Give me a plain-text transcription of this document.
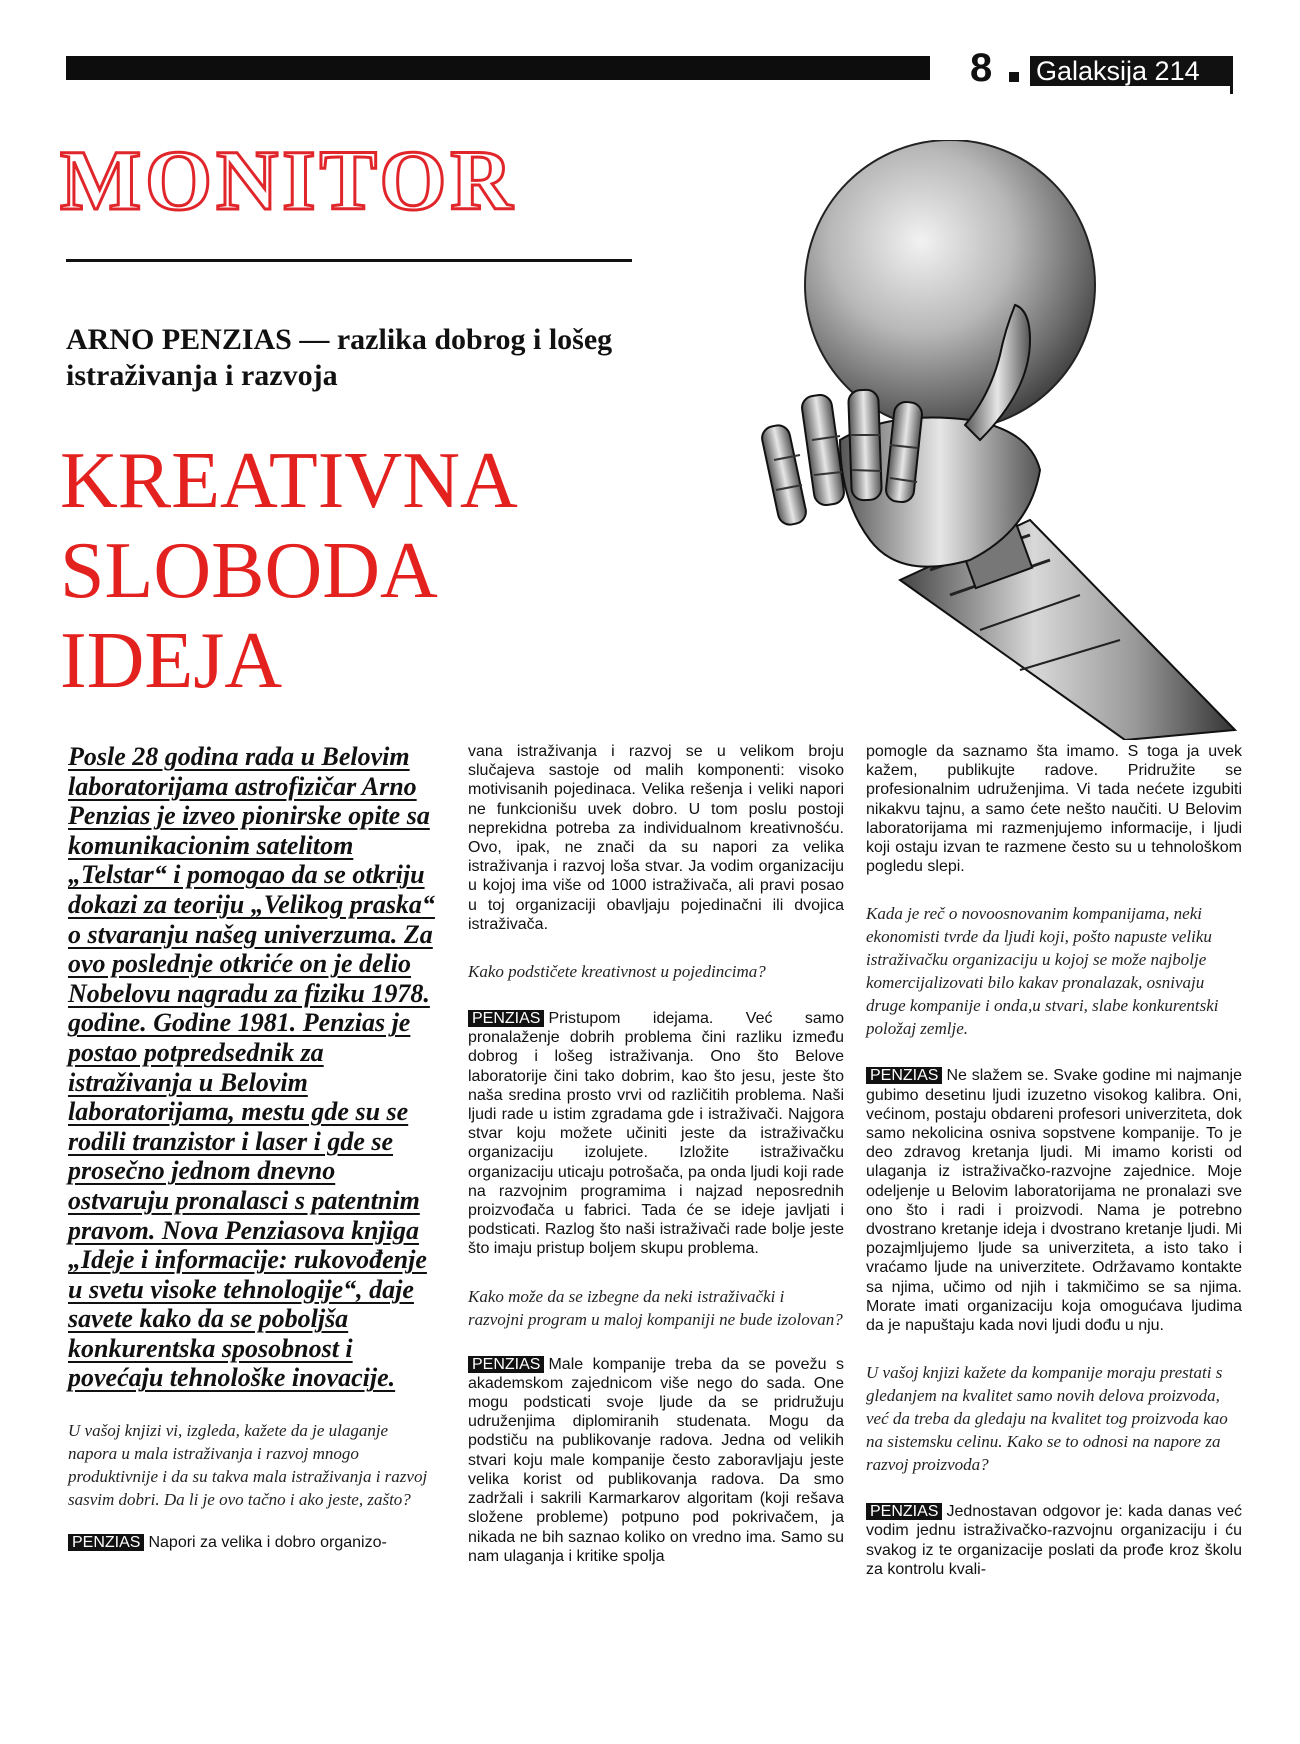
8 Galaksija 214 90
MONITOR
ARNO PENZIAS — razlika dobrog i lošeg istraživanja i razvoja
KREATIVNA
SLOBODA
IDEJA

Posle 28 godina rada u Belovim laboratorijama astrofizičar Arno Penzias je izveo pionirske opite sa komunikacionim satelitom „Telstar“ i pomogao da se otkriju dokazi za teoriju „Velikog praska“ o stvaranju našeg univerzuma. Za ovo poslednje otkriće on je delio Nobelovu nagradu za fiziku 1978. godine. Godine 1981. Penzias je postao potpredsednik za istraživanja u Belovim laboratorijama, mestu gde su se rodili tranzistor i laser i gde se prosečno jednom dnevno ostvaruju pronalasci s patentnim pravom. Nova Penziasova knjiga „Ideje i informacije: rukovođenje u svetu visoke tehnologije“, daje savete kako da se poboljša konkurentska sposobnost i povećaju tehnološke inovacije.

U vašoj knjizi vi, izgleda, kažete da je ulaganje napora u mala istraživanja i razvoj mnogo produktivnije i da su takva mala istraživanja i razvoj sasvim dobri. Da li je ovo tačno i ako jeste, zašto?

PENZIAS Napori za velika i dobro organizo-

vana istraživanja i razvoj se u velikom broju slučajeva sastoje od malih komponenti: visoko motivisanih pojedinaca. Velika rešenja i veliki napori ne funkcionišu uvek dobro. U tom poslu postoji neprekidna potreba za individualnom kreativnošću. Ovo, ipak, ne znači da su napori za velika istraživanja i razvoj loša stvar. Ja vodim organizaciju u kojoj ima više od 1000 istraživača, ali pravi posao u toj organizaciji obavljaju pojedinačni ili dvojica istraživača.

Kako podstičete kreativnost u pojedincima?

PENZIAS Pristupom idejama. Već samo pronalaženje dobrih problema čini razliku između dobrog i lošeg istraživanja. Ono što Belove laboratorije čini tako dobrim, kao što jesu, jeste što naša sredina prosto vrvi od različitih problema. Naši ljudi rade u istim zgradama gde i istraživači. Najgora stvar koju možete učiniti jeste da istraživačku organizaciju izolujete. Izložite istraživačku organizaciju uticaju potrošača, pa onda ljudi koji rade na razvojnim programima i najzad neposrednih proizvođača u fabrici. Tada će se ideje javljati i podsticati. Razlog što naši istraživači rade bolje jeste što imaju pristup boljem skupu problema.

Kako može da se izbegne da neki istraživački i razvojni program u maloj kompaniji ne bude izolovan?

PENZIAS Male kompanije treba da se povežu s akademskom zajednicom više nego do sada. One mogu podsticati svoje ljude da se pridružuju udruženjima diplomiranih studenata. Mogu da podstiču na publikovanje radova. Jedna od velikih stvari koju male kompanije često zaboravljaju jeste velika korist od publikovanja radova. Da smo zadržali i sakrili Karmarkarov algoritam (koji rešava složene probleme) potpuno pod pokrivačem, ja nikada ne bih saznao koliko on vredno ima. Samo su nam ulaganja i kritike spolja

pomogle da saznamo šta imamo. S toga ja uvek kažem, publikujte radove. Pridružite se profesionalnim udruženjima. Vi tada nećete izgubiti nikakvu tajnu, a samo ćete nešto naučiti. U Belovim laboratorijama mi razmenjujemo informacije, i ljudi koji ostaju izvan te razmene često su u tehnološkom pogledu slepi.

Kada je reč o novoosnovanim kompanijama, neki ekonomisti tvrde da ljudi koji, pošto napuste veliku istraživačku organizaciju u kojoj se može najbolje komercijalizovati bilo kakav pronalazak, osnivaju druge kompanije i onda,u stvari, slabe konkurentski položaj zemlje.

PENZIAS Ne slažem se. Svake godine mi najmanje gubimo desetinu ljudi izuzetno visokog kalibra. Oni, većinom, postaju obdareni profesori univerziteta, dok samo nekolicina osniva sopstvene kompanije. To je deo zdravog kretanja ljudi. Mi imamo koristi od ulaganja iz istraživačko-razvojne zajednice. Moje odeljenje u Belovim laboratorijama ne pronalazi sve ono što i radi i proizvodi. Nama je potrebno dvostrano kretanje ideja i dvostrano kretanje ljudi. Mi pozajmljujemo ljude sa univerziteta, a isto tako i vraćamo ljude na univerzitete. Održavamo kontakte sa njima, učimo od njih i takmičimo se sa njima. Morate imati organizaciju koja omogućava ljudima da je napuštaju kada novi ljudi dođu u nju.

U vašoj knjizi kažete da kompanije moraju prestati s gledanjem na kvalitet samo novih delova proizvoda, već da treba da gledaju na kvalitet tog proizvoda kao na sistemsku celinu. Kako se to odnosi na napore za razvoj proizvoda?

PENZIAS Jednostavan odgovor je: kada danas već vodim jednu istraživačko-razvojnu organizaciju i ću svakog iz te organizacije poslati da prođe kroz školu za kontrolu kvali-
